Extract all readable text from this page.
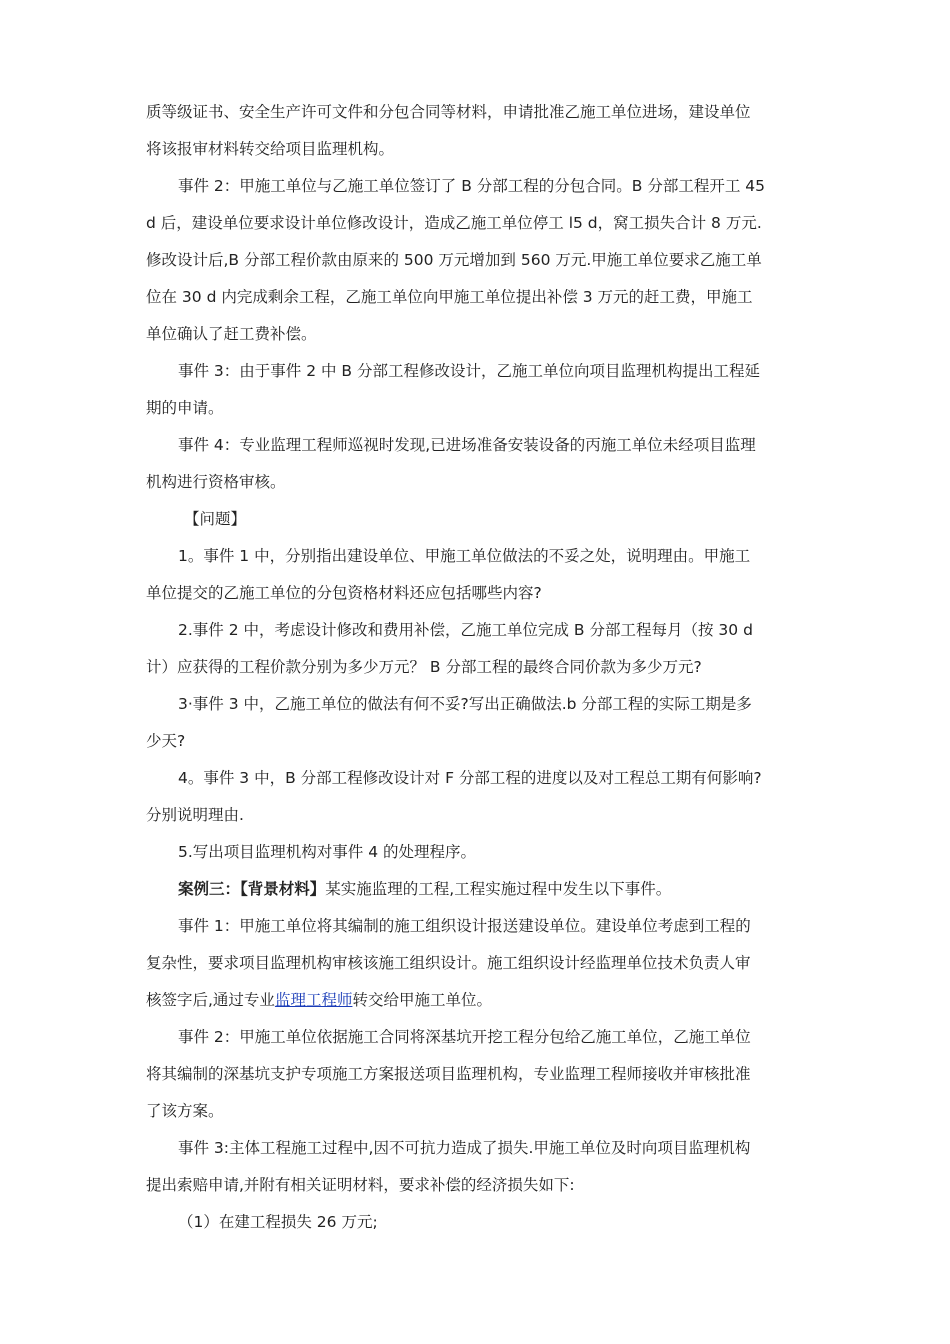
质等级证书、安全生产许可文件和分包合同等材料，申请批准乙施工单位进场，建设单位
将该报审材料转交给项目监理机构。
事件 2：甲施工单位与乙施工单位签订了 B 分部工程的分包合同。B 分部工程开工 45
d 后，建设单位要求设计单位修改设计，造成乙施工单位停工 l5 d，窝工损失合计 8 万元.
修改设计后,B 分部工程价款由原来的 500 万元增加到 560 万元.甲施工单位要求乙施工单
位在 30 d 内完成剩余工程，乙施工单位向甲施工单位提出补偿 3 万元的赶工费，甲施工
单位确认了赶工费补偿。
事件 3：由于事件 2 中 B 分部工程修改设计，乙施工单位向项目监理机构提出工程延
期的申请。
事件 4：专业监理工程师巡视时发现,已进场准备安装设备的丙施工单位未经项目监理
机构进行资格审核。
【问题】
1。事件 1 中，分别指出建设单位、甲施工单位做法的不妥之处，说明理由。甲施工
单位提交的乙施工单位的分包资格材料还应包括哪些内容?
2.事件 2 中，考虑设计修改和费用补偿，乙施工单位完成 B 分部工程每月（按 30 d
计）应获得的工程价款分别为多少万元？ B 分部工程的最终合同价款为多少万元?
3·事件 3 中，乙施工单位的做法有何不妥?写出正确做法.b 分部工程的实际工期是多
少天?
4。事件 3 中，B 分部工程修改设计对 F 分部工程的进度以及对工程总工期有何影响?
分别说明理由.
5.写出项目监理机构对事件 4 的处理程序。
案例三：【背景材料】某实施监理的工程,工程实施过程中发生以下事件。
事件 1：甲施工单位将其编制的施工组织设计报送建设单位。建设单位考虑到工程的
复杂性，要求项目监理机构审核该施工组织设计。施工组织设计经监理单位技术负责人审
核签字后,通过专业监理工程师转交给甲施工单位。
事件 2：甲施工单位依据施工合同将深基坑开挖工程分包给乙施工单位，乙施工单位
将其编制的深基坑支护专项施工方案报送项目监理机构，专业监理工程师接收并审核批准
了该方案。
事件 3:主体工程施工过程中,因不可抗力造成了损失.甲施工单位及时向项目监理机构
提出索赔申请,并附有相关证明材料，要求补偿的经济损失如下:
（1）在建工程损失 26 万元;
